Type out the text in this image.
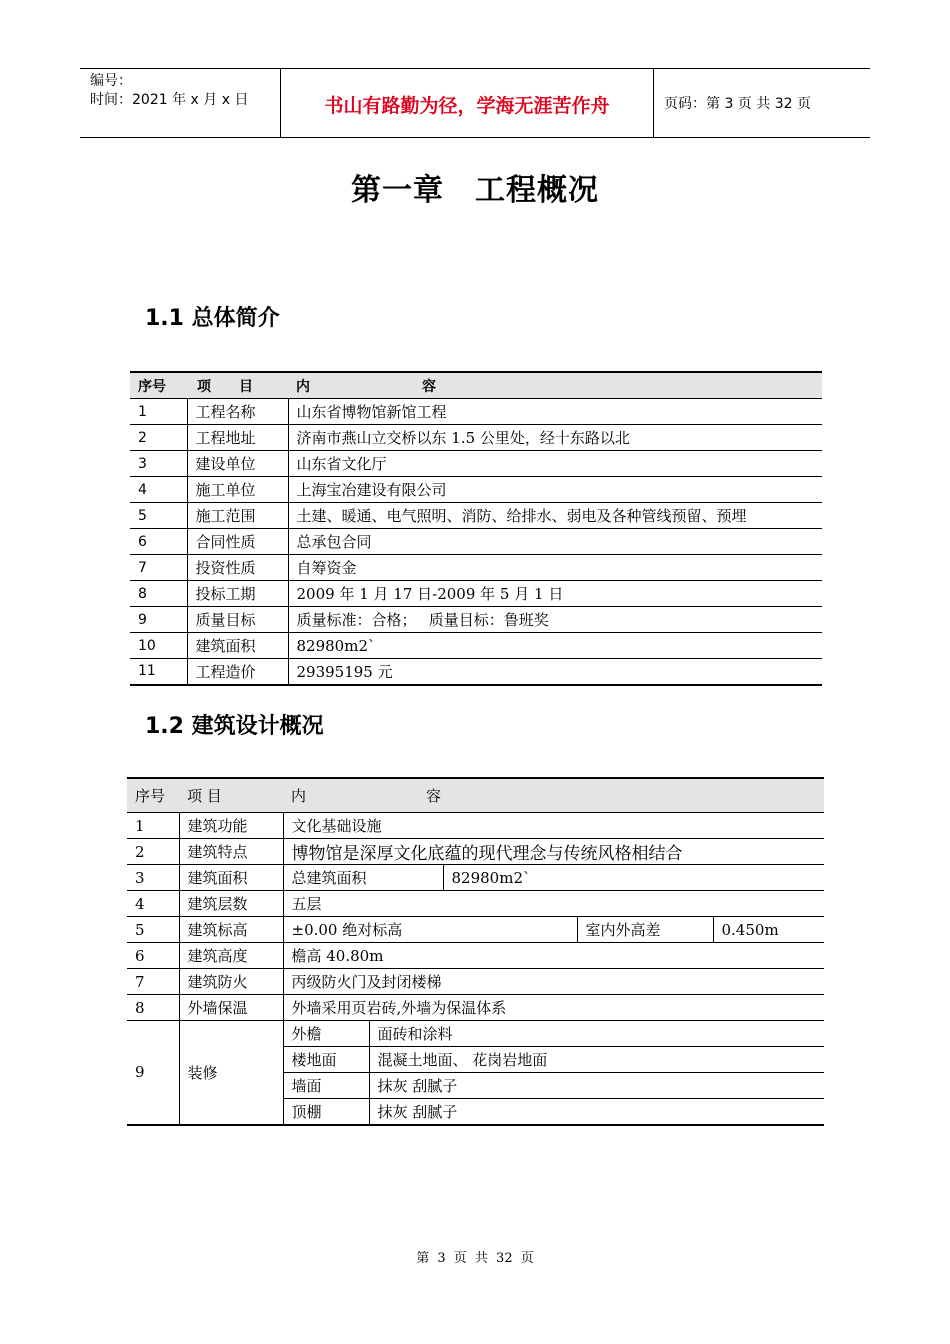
编号：
时间：2021 年 x 月 x 日	书山有路勤为径，学海无涯苦作舟	页码：第 3 页 共 32 页
第一章　工程概况
1.1 总体简介
序号	项　　目	内　　　　　　　　容
1	工程名称	山东省博物馆新馆工程
2	工程地址	济南市燕山立交桥以东 1.5 公里处，经十东路以北
3	建设单位	山东省文化厅
4	施工单位	上海宝冶建设有限公司
5	施工范围	土建、暖通、电气照明、消防、给排水、弱电及各种管线预留、预埋
6	合同性质	总承包合同
7	投资性质	自筹资金
8	投标工期	2009 年 1 月 17 日-2009 年 5 月 1 日
9	质量目标	质量标准：合格；　 质量目标：鲁班奖
10	建筑面积	82980m2`
11	工程造价	29395195 元
1.2 建筑设计概况
序号	项 目	内　　　　　　　　容				
1	建筑功能	文化基础设施				
2	建筑特点	博物馆是深厚文化底蕴的现代理念与传统风格相结合				
3	建筑面积	总建筑面积		82980m2`		
4	建筑层数	五层				
5	建筑标高	±0.00 绝对标高			室内外高差	0.450m
6	建筑高度	檐高 40.80m				
7	建筑防火	丙级防火门及封闭楼梯				
8	外墙保温	外墙采用页岩砖,外墙为保温体系				
9	装修	外檐	面砖和涂料			
		楼地面	混凝土地面、 花岗岩地面			
		墙面	抹灰 刮腻子			
		顶棚	抹灰 刮腻子			
第 3 页 共 32 页
